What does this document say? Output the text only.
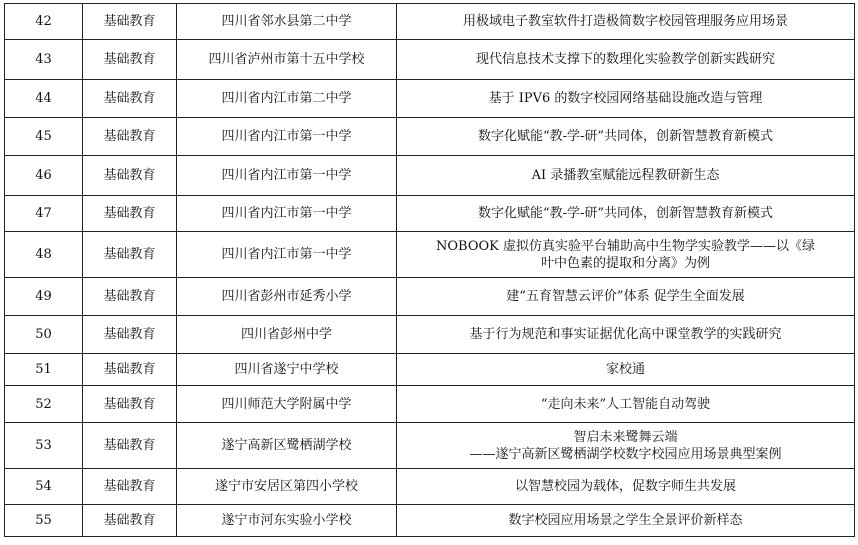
42	基础教育	四川省邻水县第二中学	用极域电子教室软件打造极简数字校园管理服务应用场景

43	基础教育	四川省泸州市第十五中学校	现代信息技术支撑下的数理化实验教学创新实践研究

44	基础教育	四川省内江市第二中学	基于 IPV6 的数字校园网络基础设施改造与管理

45	基础教育	四川省内江市第一中学	数字化赋能“教-学-研”共同体，创新智慧教育新模式

46	基础教育	四川省内江市第一中学	AI 录播教室赋能远程教研新生态

47	基础教育	四川省内江市第一中学	数字化赋能“教-学-研”共同体，创新智慧教育新模式

48	基础教育	四川省内江市第一中学	NOBOOK 虚拟仿真实验平台辅助高中生物学实验教学——以《绿
叶中色素的提取和分离》为例

49	基础教育	四川省彭州市延秀小学	建“五育智慧云评价”体系 促学生全面发展

50	基础教育	四川省彭州中学	基于行为规范和事实证据优化高中课堂教学的实践研究

51	基础教育	四川省遂宁中学校	家校通

52	基础教育	四川师范大学附属中学	“走向未来”人工智能自动驾驶

53	基础教育	遂宁高新区鹭栖湖学校	智启未来鹭舞云端
——遂宁高新区鹭栖湖学校数字校园应用场景典型案例

54	基础教育	遂宁市安居区第四小学校	以智慧校园为载体，促数字师生共发展

55	基础教育	遂宁市河东实验小学校	数字校园应用场景之学生全景评价新样态
